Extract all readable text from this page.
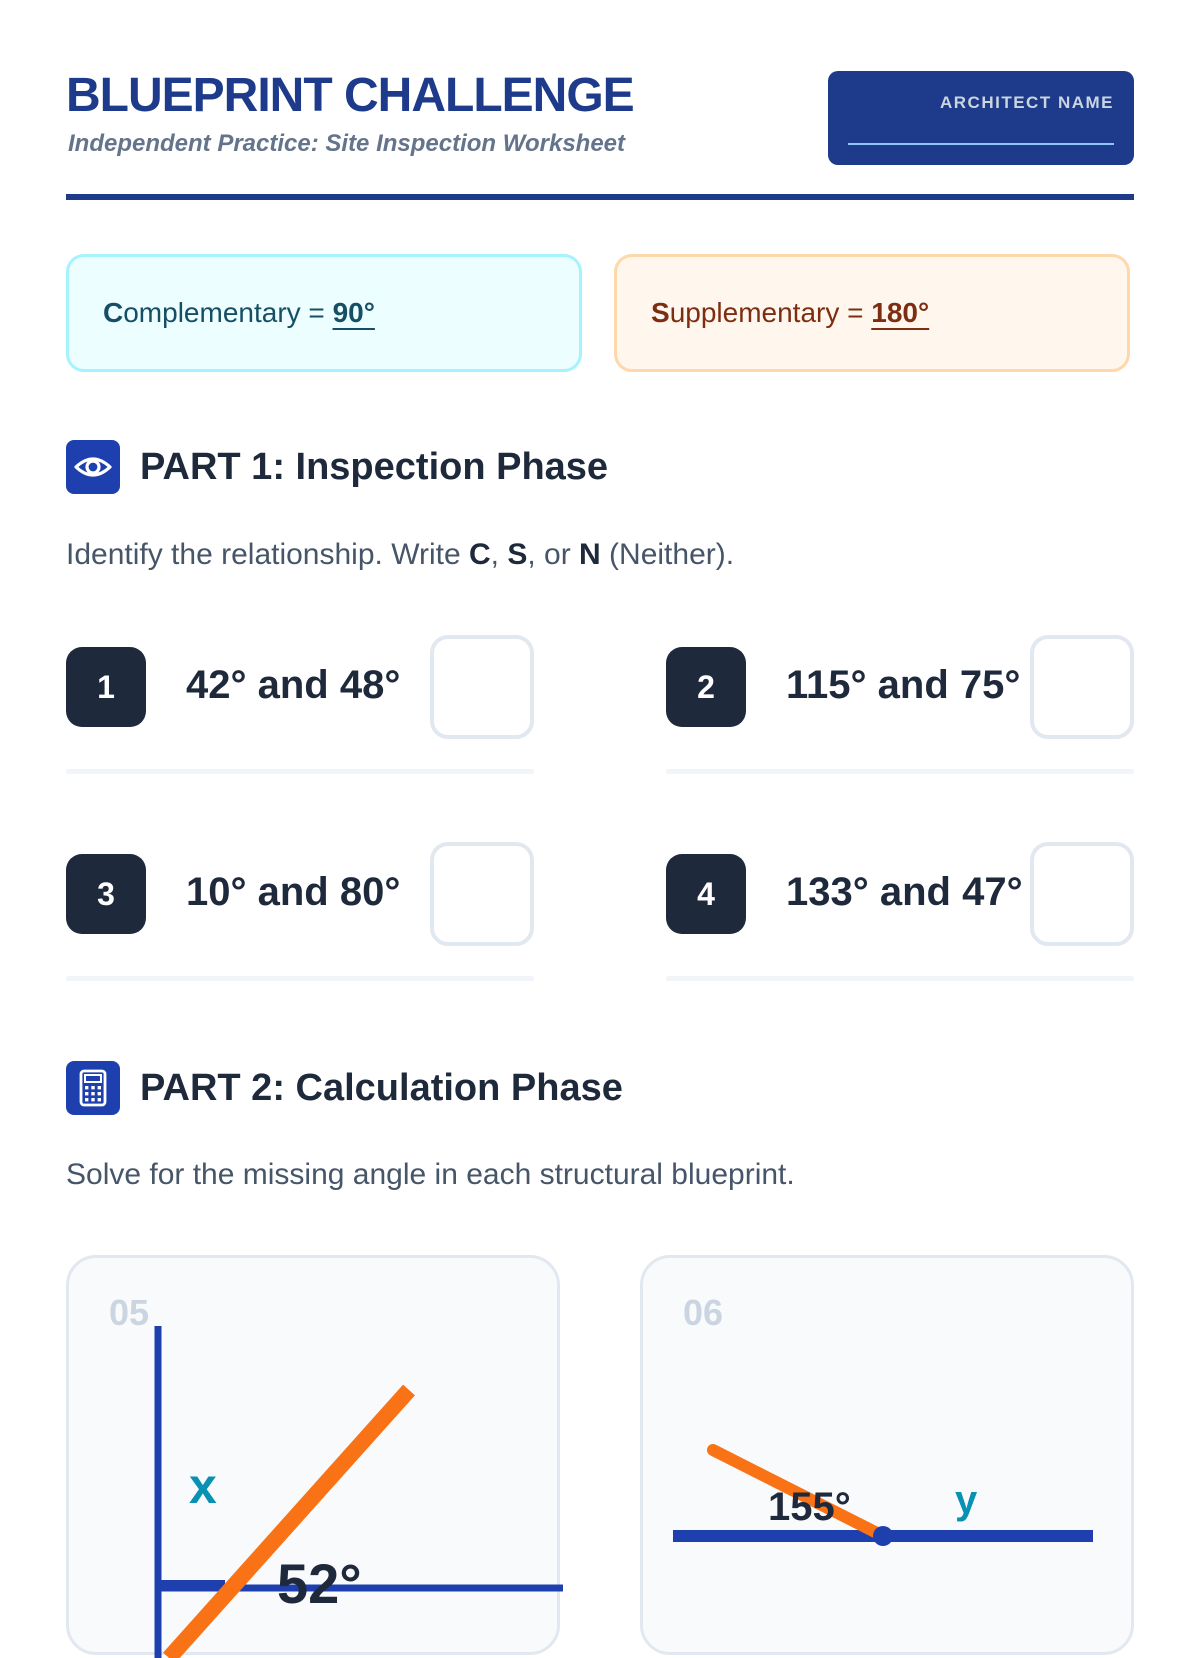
BLUEPRINT CHALLENGE
Independent Practice: Site Inspection Worksheet
ARCHITECT NAME
Complementary = 90°	Supplementary = 180°
PART 1: Inspection Phase
Identify the relationship. Write C, S, or N (Neither).
1	42° and 48°	2	115° and 75°
3	10° and 80°	4	133° and 47°
PART 2: Calculation Phase
Solve for the missing angle in each structural blueprint.
05
x
52°
06
155°	y
